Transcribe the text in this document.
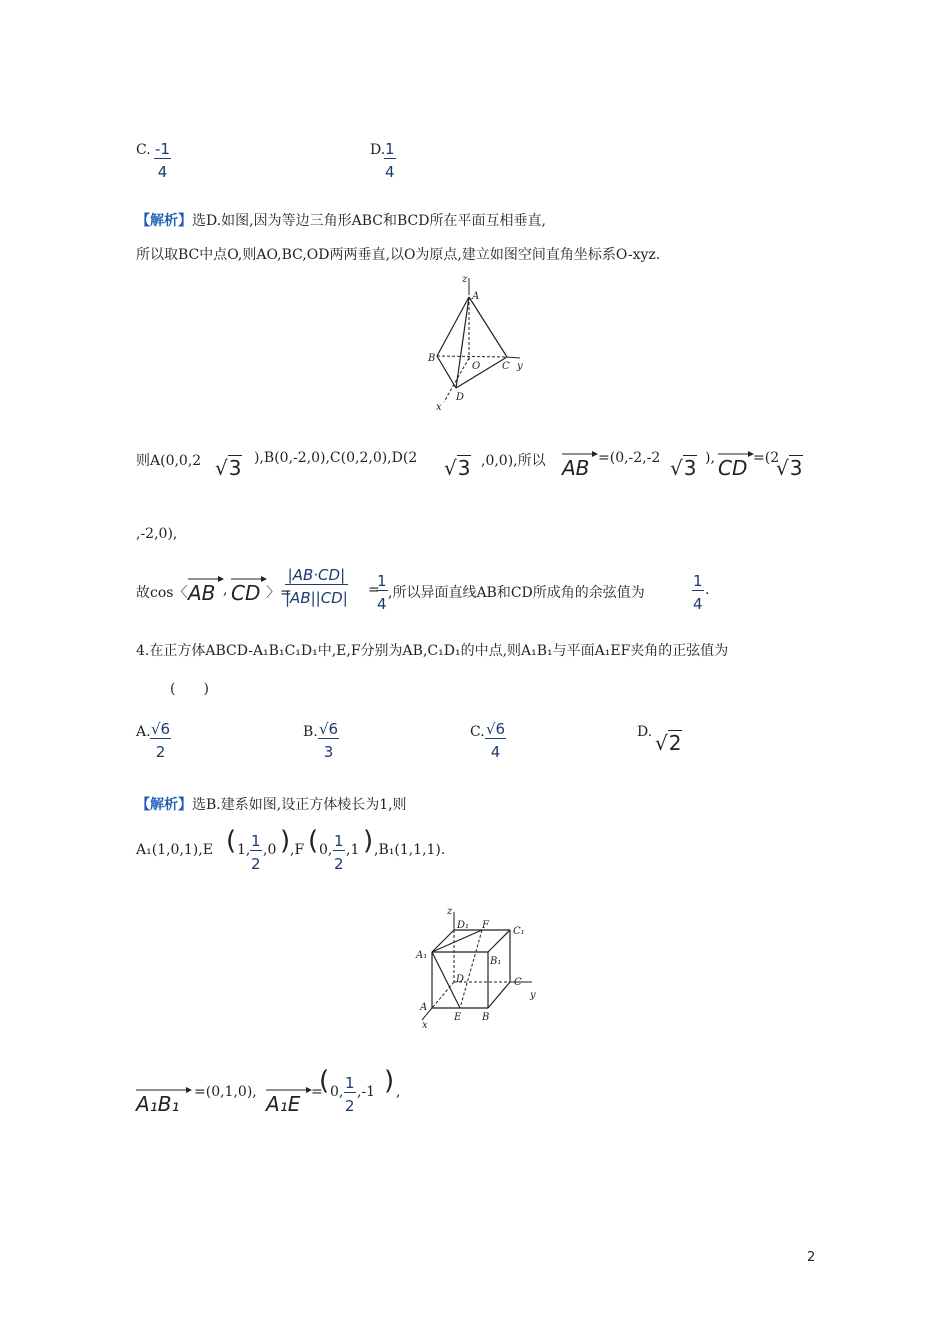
C. $\frac{-1}{4}$	D.
$\frac{1}{4}$
【解析】选D.如图,因为等边三角形ABC和BCD所在平面互相垂直,
所以取BC中点O,则AO,BC,OD两两垂直,以O为原点,建立如图空间直角坐标系O-xyz.
z
A
B
O C y
D
x
则A(0,0,2 √3 ),B(0,-2,0),C(0,2,0),D(2 √3 ,0,0),所以 AB =(0,-2,-2 √3 ), CD =(2
√3
,-2,0),
故cos〈 AB , CD 〉=
$\frac{|AB\cdot CD|}{|AB||CD|}$ =
$\frac{1}{4}$ ,所以异面直线AB和CD所成角的余弦值为	$\frac{1}{4}$ .
4.在正方体ABCD-A₁B₁C₁D₁中,E,F分别为AB,C₁D₁的中点,则A₁B₁与平面A₁EF夹角的正弦值为
(　　)
A. $\frac{√6}{2}$	B. $\frac{√6}{3}$	C. $\frac{√6}{4}$	D. √2
【解析】选B.建系如图,设正方体棱长为1,则
A₁(1,0,1),E ( 1, $\frac{1}{2} ,0$ ) ,F ( 0, $\frac{1}{2} ,1$ ) ,B₁(1,1,1).
z
D₁ F
C₁
A₁
B₁
D	C
y
A
E B
x
A₁B₁ =(0,1,0), A₁E =
( 0, $\frac{1}{2} ,-1$ ) ,
2
